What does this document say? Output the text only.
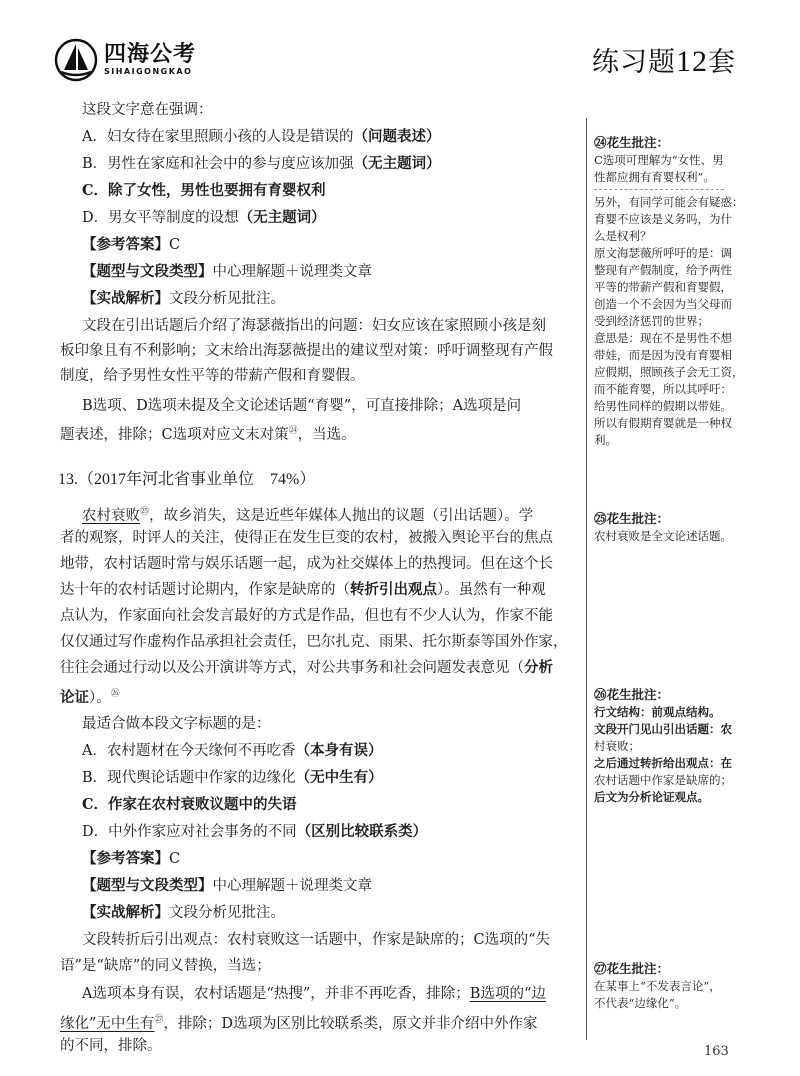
四海公考
SIHAIGONGKAO	练习题12套
这段文字意在强调：
A．妇女待在家里照顾小孩的人设是错误的（问题表述）
B．男性在家庭和社会中的参与度应该加强（无主题词）
C．除了女性，男性也要拥有育婴权利
D．男女平等制度的设想（无主题词）
【参考答案】C
【题型与文段类型】中心理解题＋说理类文章
【实战解析】文段分析见批注。
文段在引出话题后介绍了海瑟薇指出的问题：妇女应该在家照顾小孩是刻
板印象且有不利影响；文末给出海瑟薇提出的建议型对策：呼吁调整现有产假
制度，给予男性女性平等的带薪产假和育婴假。
B选项、D选项未提及全文论述话题“育婴”，可直接排除；A选项是问
题表述，排除；C选项对应文末对策$^㉔$，当选。
13.（2017年河北省事业单位　74%）
农村衰败$^㉕$，故乡消失，这是近些年媒体人抛出的议题（引出话题）。学
者的观察，时评人的关注，使得正在发生巨变的农村，被搬入舆论平台的焦点
地带，农村话题时常与娱乐话题一起，成为社交媒体上的热搜词。但在这个长
达十年的农村话题讨论期内，作家是缺席的（转折引出观点）。虽然有一种观
点认为，作家面向社会发言最好的方式是作品，但也有不少人认为，作家不能
仅仅通过写作虚构作品承担社会责任，巴尔扎克、雨果、托尔斯泰等国外作家，
往往会通过行动以及公开演讲等方式，对公共事务和社会问题发表意见（分析
论证）。$^㉖$
最适合做本段文字标题的是：
A．农村题材在今天缘何不再吃香（本身有误）
B．现代舆论话题中作家的边缘化（无中生有）
C．作家在农村衰败议题中的失语
D．中外作家应对社会事务的不同（区别比较联系类）
【参考答案】C
【题型与文段类型】中心理解题＋说理类文章
【实战解析】文段分析见批注。
文段转折后引出观点：农村衰败这一话题中，作家是缺席的；C选项的“失
语”是“缺席”的同义替换，当选；
A选项本身有误，农村话题是“热搜”，并非不再吃香，排除；B选项的“边
缘化”无中生有$^㉗$，排除；D选项为区别比较联系类，原文并非介绍中外作家
的不同，排除。
㉔花生批注：
C选项可理解为“女性、男
性都应拥有育婴权利”。
另外，有同学可能会有疑惑：
育婴不应该是义务吗，为什
么是权利？
原文海瑟薇所呼吁的是：调
整现有产假制度，给予两性
平等的带薪产假和育婴假，
创造一个不会因为当父母而
受到经济惩罚的世界；
意思是：现在不是男性不想
带娃，而是因为没有育婴相
应假期，照顾孩子会无工资，
而不能育婴，所以其呼吁：
给男性同样的假期以带娃。
所以有假期育婴就是一种权
利。
㉕花生批注：
农村衰败是全文论述话题。
㉖花生批注：
行文结构：前观点结构。
文段开门见山引出话题：农
村衰败；
之后通过转折给出观点：在
农村话题中作家是缺席的；
后文为分析论证观点。
㉗花生批注：
在某事上“不发表言论”，
不代表“边缘化”。
163
